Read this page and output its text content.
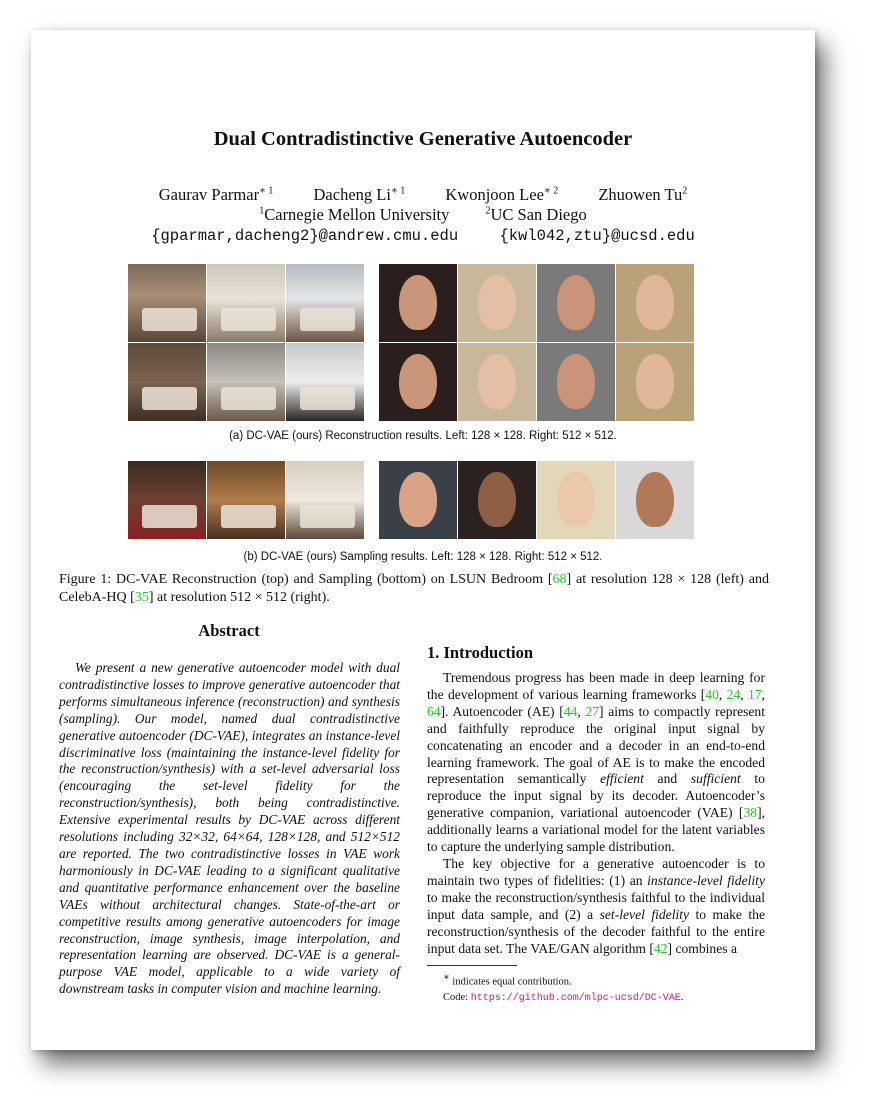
Dual Contradistinctive Generative Autoencoder
Gaurav Parmar$^{∗ 1}$ Dacheng $Li^{∗ 1}$ Kwonjoon Lee$^{∗ 2}$ Zhuowen Tu$^2$
$^1$Carnegie Mellon University	$^2$UC San Diego
{gparmar,dacheng2}@andrew.cmu.edu	{kwl042,ztu}@ucsd.edu
(a) DC-VAE (ours) Reconstruction results. Left: 128 × 128. Right: 512 × 512.
(b) DC-VAE (ours) Sampling results. Left: 128 × 128. Right: 512 × 512.
Figure 1: DC-VAE Reconstruction (top) and Sampling (bottom) on LSUN Bedroom [68] at resolution 128 × 128 (left) and CelebA-HQ [35] at resolution 512 × 512 (right).
Abstract

We present a new generative autoencoder model with dual contradistinctive losses to improve generative autoencoder that performs simultaneous inference (reconstruction) and synthesis (sampling). Our model, named dual contradistinctive generative autoencoder (DC-VAE), integrates an instance-level discriminative loss (maintaining the instance-level fidelity for the reconstruction/synthesis) with a set-level adversarial loss (encouraging the set-level fidelity for the reconstruction/synthesis), both being contradistinctive. Extensive experimental results by DC-VAE across different resolutions including 32×32, 64×64, 128×128, and 512×512 are reported. The two contradistinctive losses in VAE work harmoniously in DC-VAE leading to a significant qualitative and quantitative performance enhancement over the baseline VAEs without architectural changes. State-of-the-art or competitive results among generative autoencoders for image reconstruction, image synthesis, image interpolation, and representation learning are observed. DC-VAE is a general-purpose VAE model, applicable to a wide variety of downstream tasks in computer vision and machine learning.

1. Introduction

Tremendous progress has been made in deep learning for the development of various learning frameworks [40, 24, 17, 64]. Autoencoder (AE) [44, 27] aims to compactly represent and faithfully reproduce the original input signal by concatenating an encoder and a decoder in an end-to-end learning framework. The goal of AE is to make the encoded representation semantically efficient and sufficient to reproduce the input signal by its decoder. Autoencoder’s generative companion, variational autoencoder (VAE) [38], additionally learns a variational model for the latent variables to capture the underlying sample distribution.

The key objective for a generative autoencoder is to maintain two types of fidelities: (1) an instance-level fidelity to make the reconstruction/synthesis faithful to the individual input data sample, and (2) a set-level fidelity to make the reconstruction/synthesis of the decoder faithful to the entire input data set. The VAE/GAN algorithm [42] combines a

∗ indicates equal contribution.
Code: https://github.com/mlpc-ucsd/DC-VAE.
